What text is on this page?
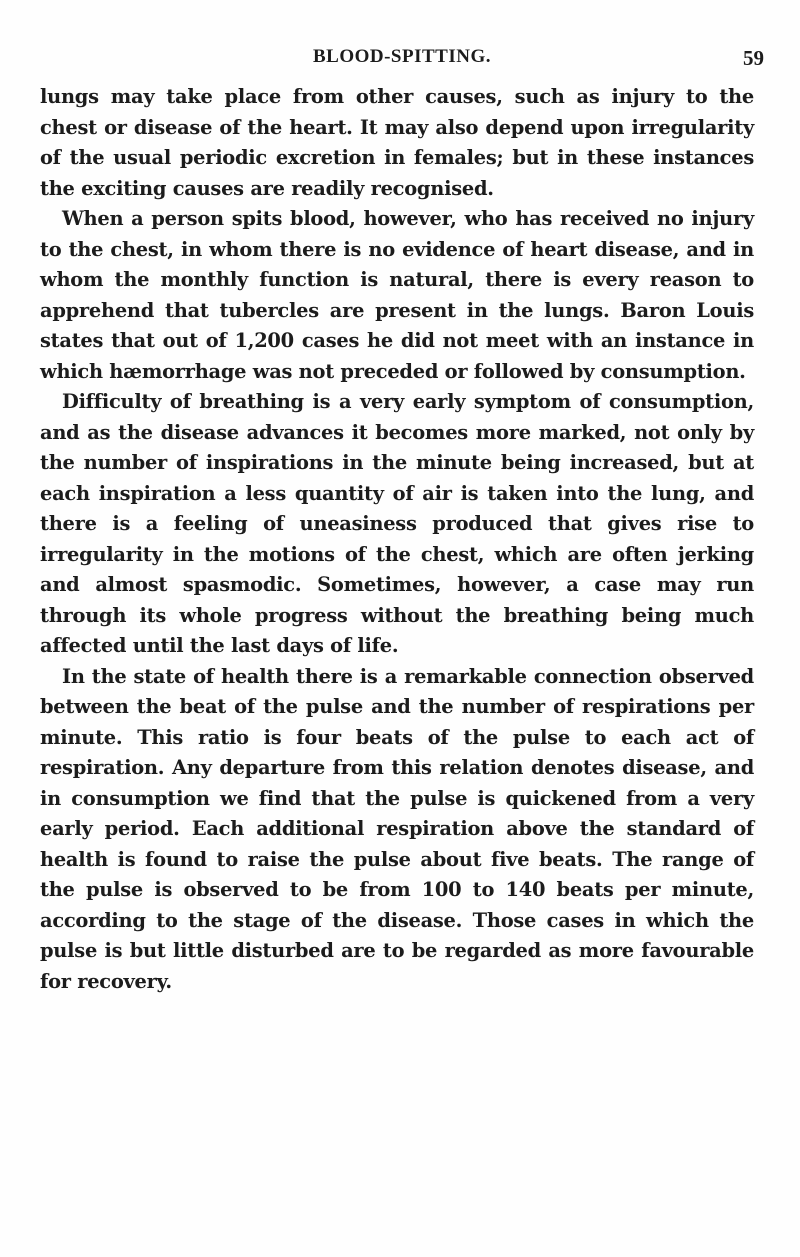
BLOOD-SPITTING.	59

lungs may take place from other causes, such as injury to the chest or disease of the heart. It may also depend upon irregularity of the usual periodic excretion in females; but in these instances the exciting causes are readily recognised.

When a person spits blood, however, who has received no injury to the chest, in whom there is no evidence of heart disease, and in whom the monthly function is natural, there is every reason to apprehend that tubercles are present in the lungs. Baron Louis states that out of 1,200 cases he did not meet with an instance in which hæmorrhage was not preceded or followed by consumption.

Difficulty of breathing is a very early symptom of consumption, and as the disease advances it becomes more marked, not only by the number of inspirations in the minute being increased, but at each inspiration a less quantity of air is taken into the lung, and there is a feeling of uneasiness produced that gives rise to irregularity in the motions of the chest, which are often jerking and almost spasmodic. Sometimes, however, a case may run through its whole progress without the breathing being much affected until the last days of life.

In the state of health there is a remarkable connection observed between the beat of the pulse and the number of respirations per minute. This ratio is four beats of the pulse to each act of respiration. Any departure from this relation denotes disease, and in consumption we find that the pulse is quickened from a very early period. Each additional respiration above the standard of health is found to raise the pulse about five beats. The range of the pulse is observed to be from 100 to 140 beats per minute, according to the stage of the disease. Those cases in which the pulse is but little disturbed are to be regarded as more favourable for recovery.
